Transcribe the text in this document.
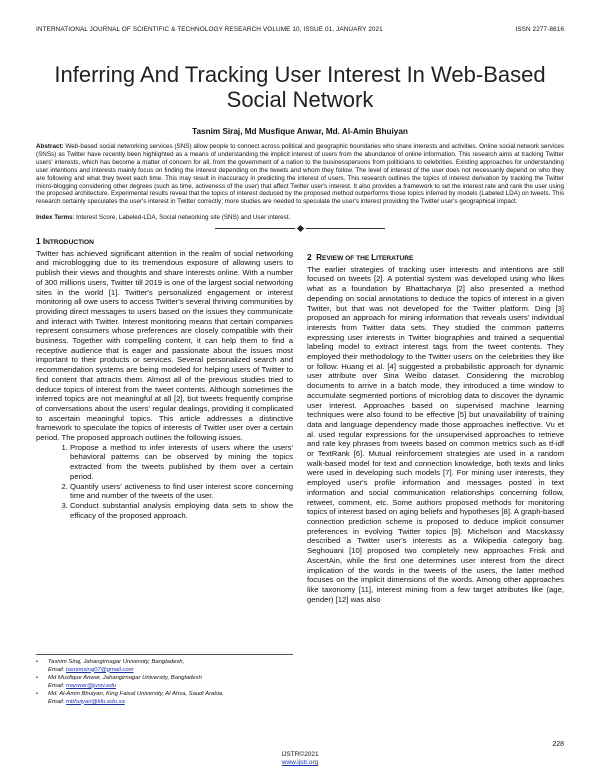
INTERNATIONAL JOURNAL OF SCIENTIFIC & TECHNOLOGY RESEARCH VOLUME 10, ISSUE 01, JANUARY 2021	ISSN 2277-8616
Inferring And Tracking User Interest In Web-Based Social Network
Tasnim Siraj, Md Musfique Anwar, Md. Al-Amin Bhuiyan
Abstract: Web-based social networking services (SNS) allow people to connect across political and geographic boundaries who share interests and activities. Online social network services (SNSs) as Twitter have recently been highlighted as a means of understanding the implicit interest of users from the abundance of online information. This research aims at tracking Twitter users' interests, which has become a matter of concern for all, from the government of a nation to the businesspersons from politicians to celebrities. Existing approaches for understanding user intentions and interests mainly focus on finding the interest depending on the tweets and whom they follow. The level of interest of the user does not necessarily depend on who they are following and what they tweet each time. This may result in inaccuracy in predicting the interest of users. This research outlines the topics of interest derivation by tracking the Twitter micro-blogging considering other degrees (such as time, activeness of the user) that affect Twitter user's interest. It also provides a framework to set the interest rate and rank the user using the proposed architecture. Experimental results reveal that the topics of interest deduced by the proposed method outperforms those topics inferred by models (Labeled LDA) on tweets. This research certainly speculates the user's interest in Twitter correctly; more studies are needed to speculate the user's interest providing the Twitter user's geographical impact.
Index Terms: Interest Score, Labeled-LDA, Social networking site (SNS) and User interest.
1 INTRODUCTION

Twitter has achieved significant attention in the realm of social networking and microblogging due to its tremendous exposure of allowing users to publish their views and thoughts and share interests online. With a number of 300 millions users, Twitter till 2019 is one of the largest social networking sites in the world [1]. Twitter's personalized engagement or interest monitoring all owe users to access Twitter's several thriving communities by providing direct messages to users based on the issues they communicate and interact with Twitter. Interest monitoring means that certain companies represent consumers whose preferences are closely compatible with their business. Together with compelling content, it can help them to find a receptive audience that is eager and passionate about the issues most important to their products or services. Several personalized search and recommendation systems are being modeled for helping users of Twitter to find content that attracts them. Almost all of the previous studies tried to deduce topics of interest from the tweet contents. Although sometimes the inferred topics are not meaningful at all [2], but tweets frequently comprise of conversations about the users' regular dealings, providing it complicated to ascertain meaningful topics. This article addresses a distinctive framework to speculate the topics of interests of Twitter user over a certain period. The proposed approach outlines the following issues.

1. Propose a method to infer interests of users where the users' behavioral patterns can be observed by mining the topics extracted from the tweets published by them over a certain period.
2. Quantify users' activeness to find user interest score concerning time and number of the tweets of the user.
3. Conduct substantial analysis employing data sets to show the efficacy of the proposed approach.
•	Tasnim Siraj, Jahangirnagar University, Bangladesh,
Email: tasnimsiraj07@gmail.com
•	Md Musfique Anwar, Jahangirnagar University, Bangladesh
Email: manwar@juniv.edu
•	Md. Al-Amin Bhuiyan, King Faisal University, Al Ahsa, Saudi Arabia.
Email: mbhuiyan@kfu.edu.sa
2 REVIEW OF THE LITERATURE

The earlier strategies of tracking user interests and intentions are still focused on tweets [2]. A potential system was developed using who likes what as a foundation by Bhattacharya [2] also presented a method depending on social annotations to deduce the topics of interest in a given Twitter, but that was not developed for the Twitter platform. Ding [3] proposed an approach for mining information that reveals users' individual interests from Twitter data sets. They studied the common patterns expressing user interests in Twitter biographies and trained a sequential labeling model to extract interest tags from the tweet contents. They employed their methodology to the Twitter users on the celebrities they like or follow. Huang et al. [4] suggested a probabilistic approach for dynamic user attribute over Sina Weibo dataset. Considering the microblog documents to arrive in a batch mode, they introduced a time window to accumulate segmented portions of microblog data to discover the dynamic user interest. Approaches based on supervised machine learning techniques were also found to be effective [5] but unavailability of training data and language dependency made those approaches ineffective. Vu et al. used regular expressions for the unsupervised approaches to retrieve and rate key phrases from tweets based on common metrics such as tf-idf or TextRank [6]. Mutual reinforcement strategies are used in a random walk-based model for text and connection knowledge, both texts and links were used in developing such models [7]. For mining user interests, they employed user's profile information and messages posted in text information and social communication relationships concerning follow, retweet, comment, etc. Some authors proposed methods for monitoring topics of interest based on aging beliefs and hypotheses [8]. A graph-based connection prediction scheme is proposed to deduce implicit consumer preferences in evolving Twitter topics [9]. Michelson and Macskassy described a Twitter user's interests as a Wikipedia category bag. Seghouani [10] proposed two completely new approaches Frisk and AscertAin, while the first one determines user interest from the direct implication of the words in the tweets of the users, the latter method focuses on the implicit dimensions of the words. Among other approaches like taxonomy [11], interest mining from a few target attributes like (age, gender) [12] was also

228
IJSTR©2021
www.ijstr.org
